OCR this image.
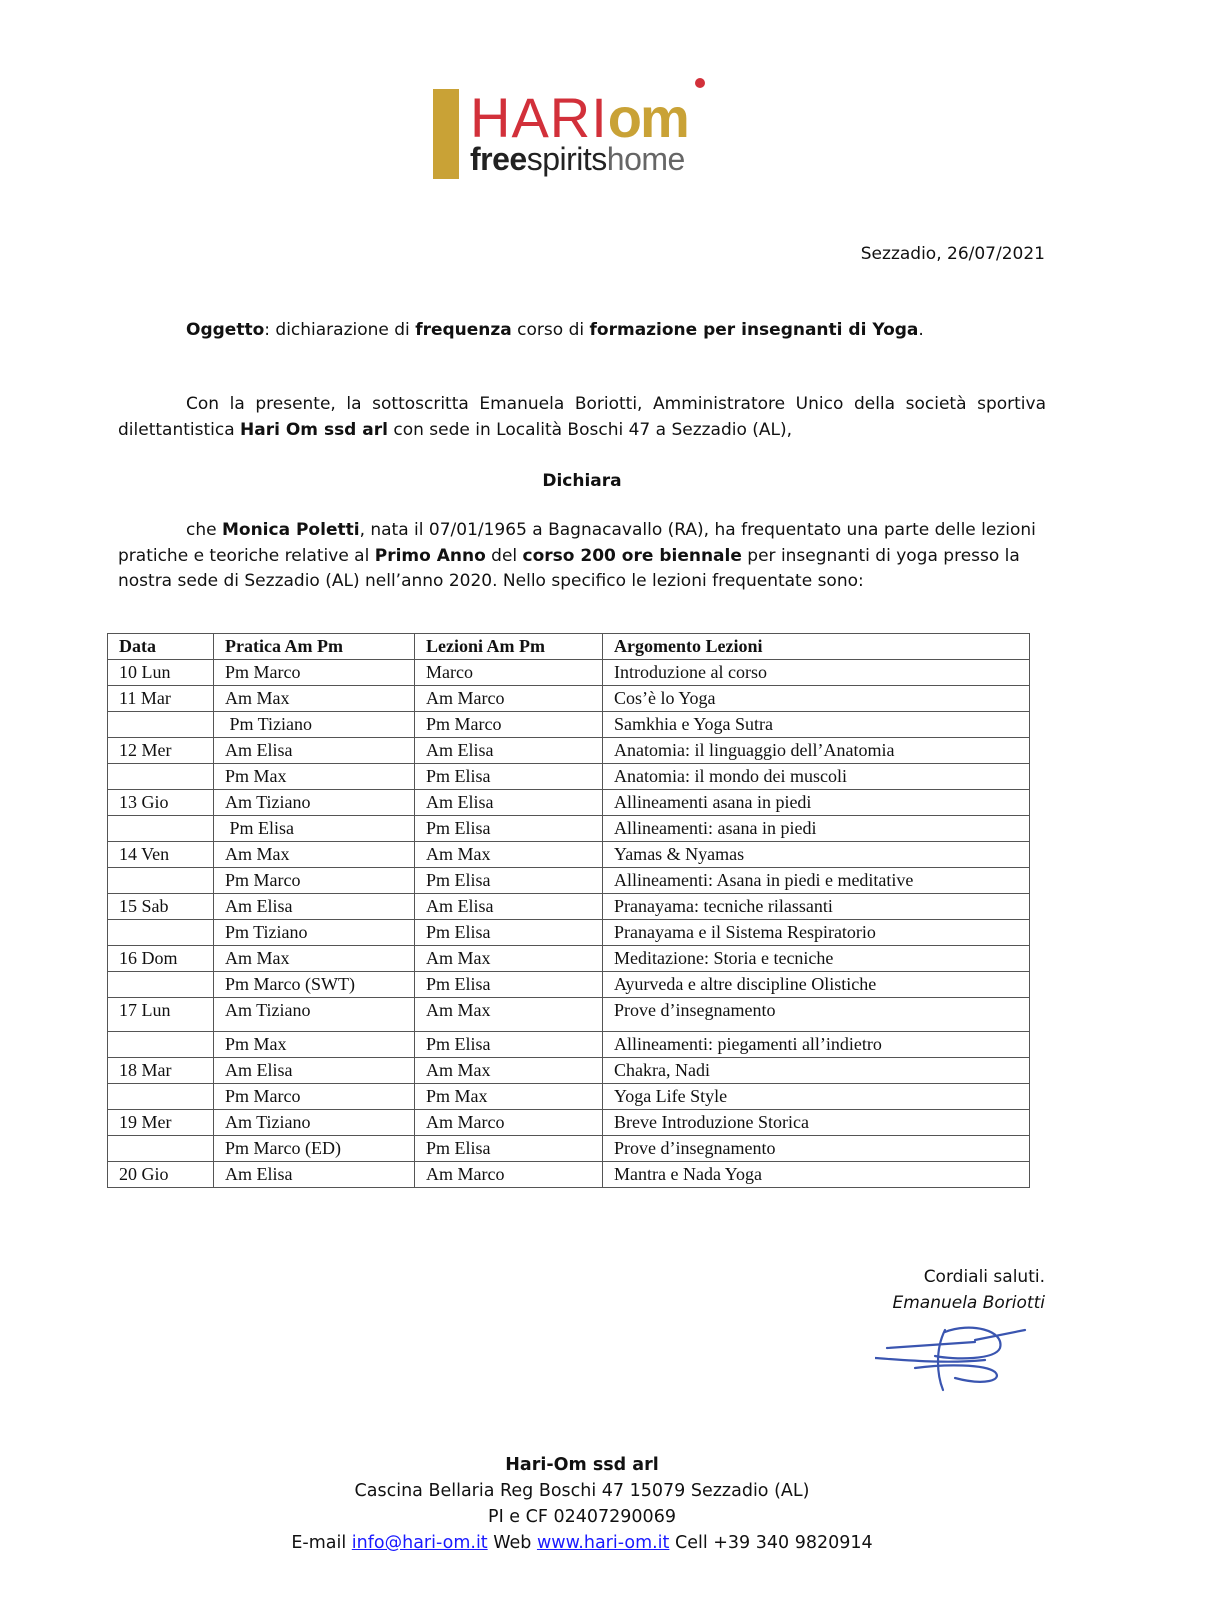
HARIom
freespiritshome
Sezzadio, 26/07/2021
Oggetto: dichiarazione di frequenza corso di formazione per insegnanti di Yoga.
Con la presente, la sottoscritta Emanuela Boriotti, Amministratore Unico della società sportiva dilettantistica Hari Om ssd arl con sede in Località Boschi 47 a Sezzadio (AL),
Dichiara
che Monica Poletti, nata il 07/01/1965 a Bagnacavallo (RA), ha frequentato una parte delle lezioni pratiche e teoriche relative al Primo Anno del corso 200 ore biennale per insegnanti di yoga presso la nostra sede di Sezzadio (AL) nell’anno 2020. Nello specifico le lezioni frequentate sono:
Data	Pratica Am Pm	Lezioni Am Pm	Argomento Lezioni
10 Lun	Pm Marco	Marco	Introduzione al corso
11 Mar	Am Max	Am Marco	Cos’è lo Yoga
	Pm Tiziano	Pm Marco	Samkhia e Yoga Sutra
12 Mer	Am Elisa	Am Elisa	Anatomia: il linguaggio dell’Anatomia
	Pm Max	Pm Elisa	Anatomia: il mondo dei muscoli
13 Gio	Am Tiziano	Am Elisa	Allineamenti asana in piedi
	Pm Elisa	Pm Elisa	Allineamenti: asana in piedi
14 Ven	Am Max	Am Max	Yamas & Nyamas
	Pm Marco	Pm Elisa	Allineamenti: Asana in piedi e meditative
15 Sab	Am Elisa	Am Elisa	Pranayama: tecniche rilassanti
	Pm Tiziano	Pm Elisa	Pranayama e il Sistema Respiratorio
16 Dom	Am Max	Am Max	Meditazione: Storia e tecniche
	Pm Marco (SWT)	Pm Elisa	Ayurveda e altre discipline Olistiche
17 Lun	Am Tiziano	Am Max	Prove d’insegnamento
	Pm Max	Pm Elisa	Allineamenti: piegamenti all’indietro
18 Mar	Am Elisa	Am Max	Chakra, Nadi
	Pm Marco	Pm Max	Yoga Life Style
19 Mer	Am Tiziano	Am Marco	Breve Introduzione Storica
	Pm Marco (ED)	Pm Elisa	Prove d’insegnamento
20 Gio	Am Elisa	Am Marco	Mantra e Nada Yoga
Cordiali saluti.
Emanuela Boriotti
Hari-Om ssd arl
Cascina Bellaria Reg Boschi 47 15079 Sezzadio (AL)
PI e CF 02407290069
E-mail info@hari-om.it Web www.hari-om.it Cell +39 340 9820914
